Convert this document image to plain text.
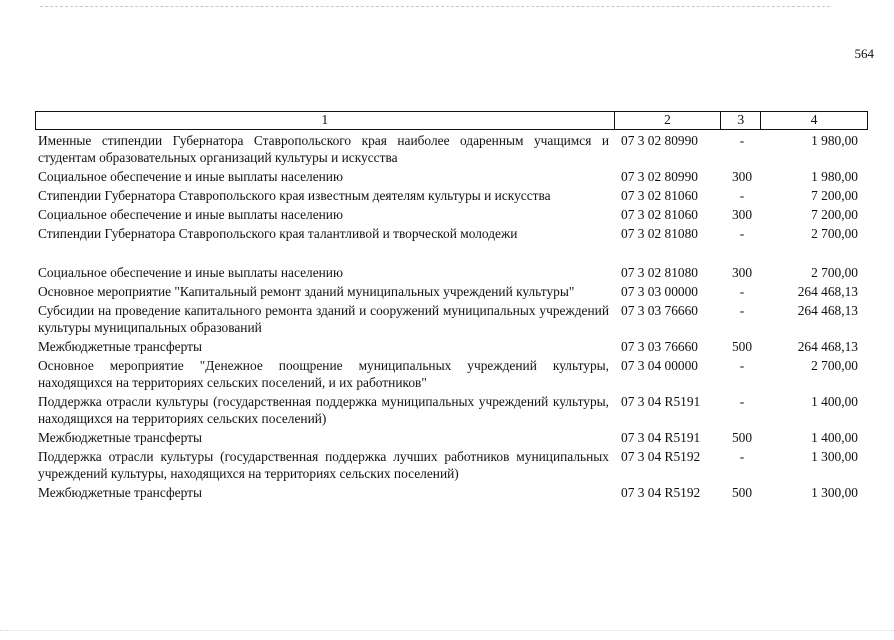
564
1	2	3	4
Именные стипендии Губернатора Ставропольского края наиболее одаренным учащимся и студентам образовательных организаций культуры и искусства
07 3 02 80990	-	1 980,00
Социальное обеспечение и иные выплаты населению	07 3 02 80990	300	1 980,00
Стипендии Губернатора Ставропольского края известным деятелям культуры и искусства	07 3 02 81060	-	7 200,00
Социальное обеспечение и иные выплаты населению	07 3 02 81060	300	7 200,00
Стипендии Губернатора Ставропольского края талантливой и творческой молодежи	07 3 02 81080	-	2 700,00
Социальное обеспечение и иные выплаты населению	07 3 02 81080	300	2 700,00
Основное мероприятие "Капитальный ремонт зданий муниципальных учреждений культуры"	07 3 03 00000	-	264 468,13
Субсидии на проведение капитального ремонта зданий и сооружений муниципальных учреждений культуры муниципальных образований
07 3 03 76660	-	264 468,13
Межбюджетные трансферты	07 3 03 76660	500	264 468,13
Основное мероприятие "Денежное поощрение муниципальных учреждений культуры, находящихся на территориях сельских поселений, и их работников"
07 3 04 00000	-	2 700,00
Поддержка отрасли культуры (государственная поддержка муниципальных учреждений культуры, находящихся на территориях сельских поселений)
07 3 04 R5191	-	1 400,00
Межбюджетные трансферты	07 3 04 R5191	500	1 400,00
Поддержка отрасли культуры (государственная поддержка лучших работников муниципальных учреждений культуры, находящихся на территориях сельских поселений)
07 3 04 R5192	-	1 300,00
Межбюджетные трансферты	07 3 04 R5192	500	1 300,00
